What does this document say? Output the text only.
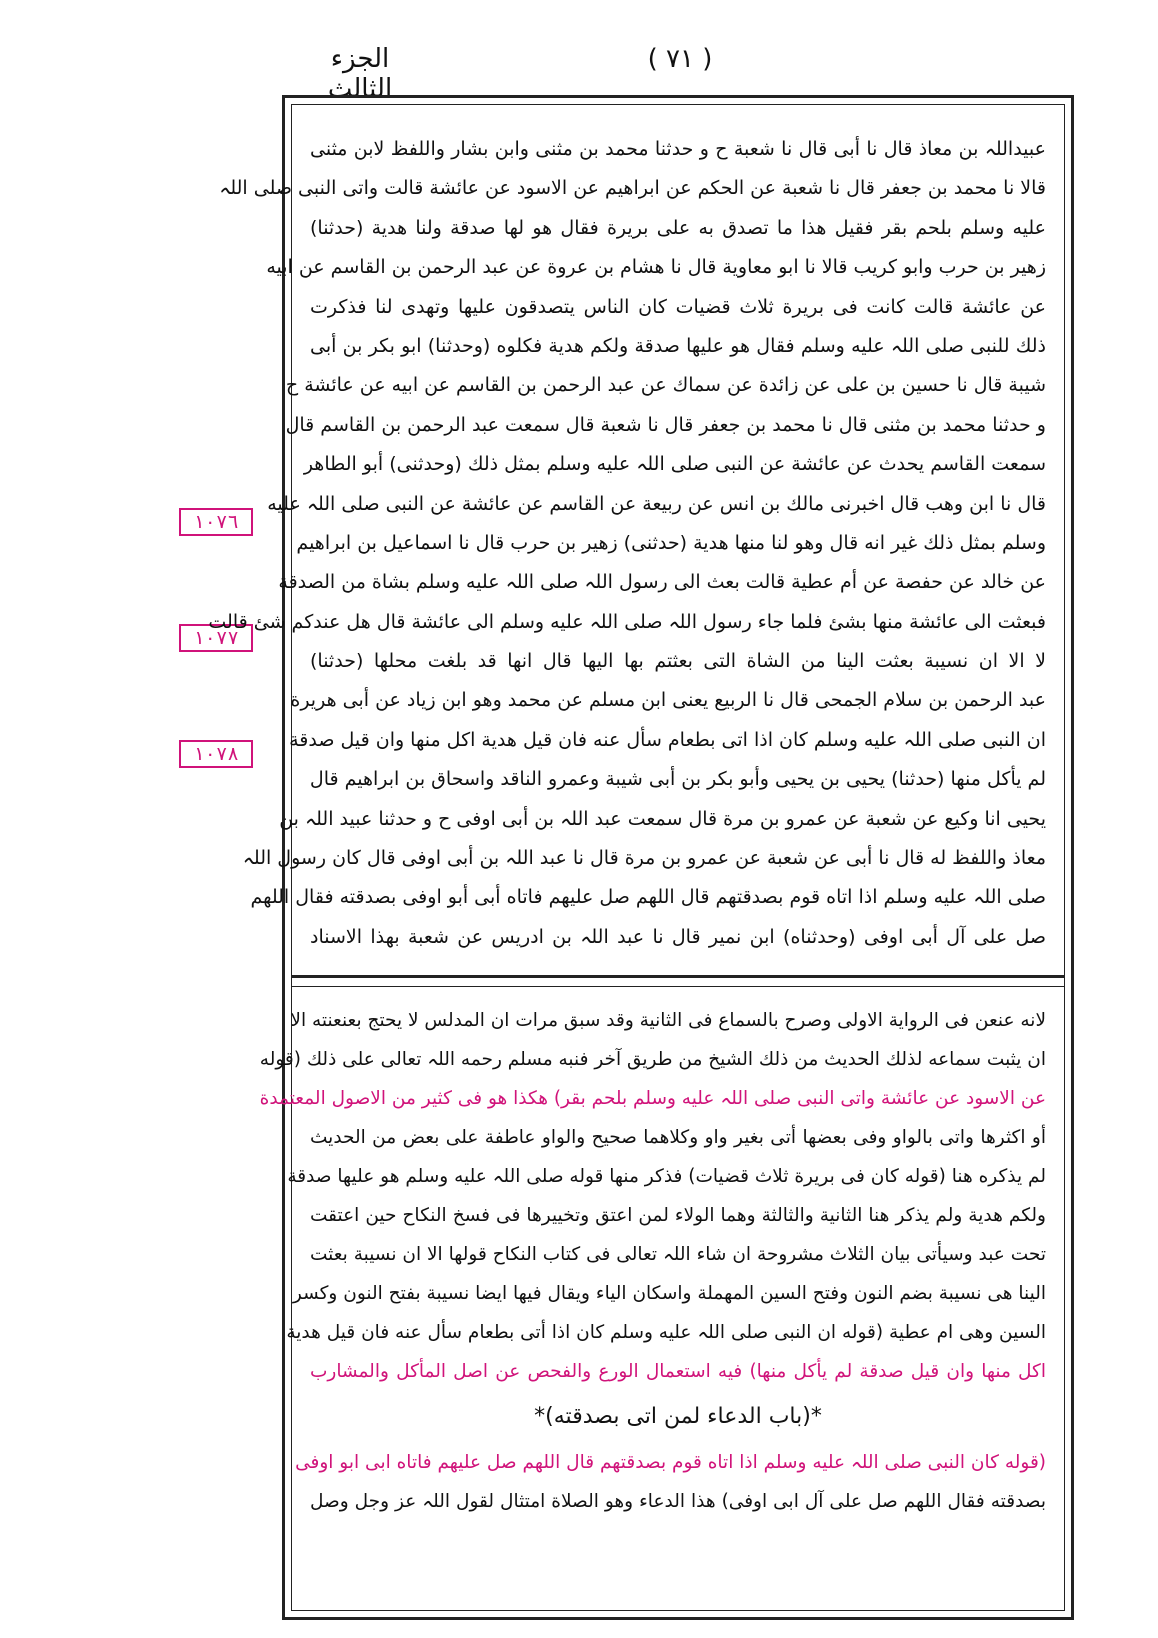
الجزء الثالث
( ٧١ )
١٠٧٦
١٠٧٧
١٠٧٨
عبيداللہ بن معاذ قال نا أبی قال نا شعبة ح و حدثنا محمد بن مثنی وابن بشار واللفظ لابن مثنی
قالا نا محمد بن جعفر قال نا شعبة عن الحكم عن ابراهيم عن الاسود عن عائشة قالت واتی النبی صلی اللہ
عليه وسلم بلحم بقر فقيل هذا ما تصدق به علی بريرة فقال هو لها صدقة ولنا هدية (حدثنا)
زهير بن حرب وابو كريب قالا نا ابو معاوية قال نا هشام بن عروة عن عبد الرحمن بن القاسم عن ابيه
عن عائشة قالت كانت فی بريرة ثلاث قضيات كان الناس يتصدقون عليها وتهدی لنا فذكرت
ذلك للنبی صلی اللہ عليه وسلم فقال هو عليها صدقة ولكم هدية فكلوه (وحدثنا) ابو بكر بن أبی
شيبة قال نا حسين بن علی عن زائدة عن سماك عن عبد الرحمن بن القاسم عن ابيه عن عائشة ح
و حدثنا محمد بن مثنی قال نا محمد بن جعفر قال نا شعبة قال سمعت عبد الرحمن بن القاسم قال
سمعت القاسم يحدث عن عائشة عن النبی صلی اللہ عليه وسلم بمثل ذلك (وحدثنی) أبو الطاهر
قال نا ابن وهب قال اخبرنی مالك بن انس عن ربيعة عن القاسم عن عائشة عن النبی صلی اللہ عليه
وسلم بمثل ذلك غير انه قال وهو لنا منها هدية (حدثنی) زهير بن حرب قال نا اسماعيل بن ابراهيم
عن خالد عن حفصة عن أم عطية قالت بعث الی رسول اللہ صلی اللہ عليه وسلم بشاة من الصدقة
فبعثت الی عائشة منها بشئ فلما جاء رسول اللہ صلی اللہ عليه وسلم الی عائشة قال هل عندكم شئ قالت
لا الا ان نسيبة بعثت الينا من الشاة التی بعثتم بها اليها قال انها قد بلغت محلها (حدثنا)
عبد الرحمن بن سلام الجمحی قال نا الربيع يعنی ابن مسلم عن محمد وهو ابن زياد عن أبی هريرة
ان النبی صلی اللہ عليه وسلم كان اذا اتی بطعام سأل عنه فان قيل هدية اكل منها وان قيل صدقة
لم يأكل منها (حدثنا) يحيی بن يحيی وأبو بكر بن أبی شيبة وعمرو الناقد واسحاق بن ابراهيم قال
يحيی انا وكيع عن شعبة عن عمرو بن مرة قال سمعت عبد اللہ بن أبی اوفی ح و حدثنا عبيد اللہ بن
معاذ واللفظ له قال نا أبی عن شعبة عن عمرو بن مرة قال نا عبد اللہ بن أبی اوفی قال كان رسول اللہ
صلی اللہ عليه وسلم اذا اتاه قوم بصدقتهم قال اللهم صل عليهم فاتاه أبی أبو اوفی بصدقته فقال اللهم
صل علی آل أبی اوفی (وحدثناه) ابن نمير قال نا عبد اللہ بن ادريس عن شعبة بهذا الاسناد
لانه عنعن فی الرواية الاولی وصرح بالسماع فی الثانية وقد سبق مرات ان المدلس لا يحتج بعنعنته الا
ان يثبت سماعه لذلك الحديث من ذلك الشيخ من طريق آخر فنبه مسلم رحمه اللہ تعالی علی ذلك (قوله
عن الاسود عن عائشة واتی النبی صلی اللہ عليه وسلم بلحم بقر) هكذا هو فی كثير من الاصول المعتمدة
أو اكثرها واتی بالواو وفی بعضها أتی بغير واو وكلاهما صحيح والواو عاطفة علی بعض من الحديث
لم يذكره هنا (قوله كان فی بريرة ثلاث قضيات) فذكر منها قوله صلی اللہ عليه وسلم هو عليها صدقة
ولكم هدية ولم يذكر هنا الثانية والثالثة وهما الولاء لمن اعتق وتخييرها فی فسخ النكاح حين اعتقت
تحت عبد وسيأتی بيان الثلاث مشروحة ان شاء اللہ تعالی فی كتاب النكاح قولها الا ان نسيبة بعثت
الينا هی نسيبة بضم النون وفتح السين المهملة واسكان الياء ويقال فيها ايضا نسيبة بفتح النون وكسر
السين وهی ام عطية (قوله ان النبی صلی اللہ عليه وسلم كان اذا أتی بطعام سأل عنه فان قيل هدية
اكل منها وان قيل صدقة لم يأكل منها) فيه استعمال الورع والفحص عن اصل المأكل والمشارب
*(باب الدعاء لمن اتی بصدقته)*
(قوله كان النبی صلی اللہ عليه وسلم اذا اتاه قوم بصدقتهم قال اللهم صل عليهم فاتاه ابی ابو اوفی
بصدقته فقال اللهم صل علی آل ابی اوفی) هذا الدعاء وهو الصلاة امتثال لقول اللہ عز وجل وصل
